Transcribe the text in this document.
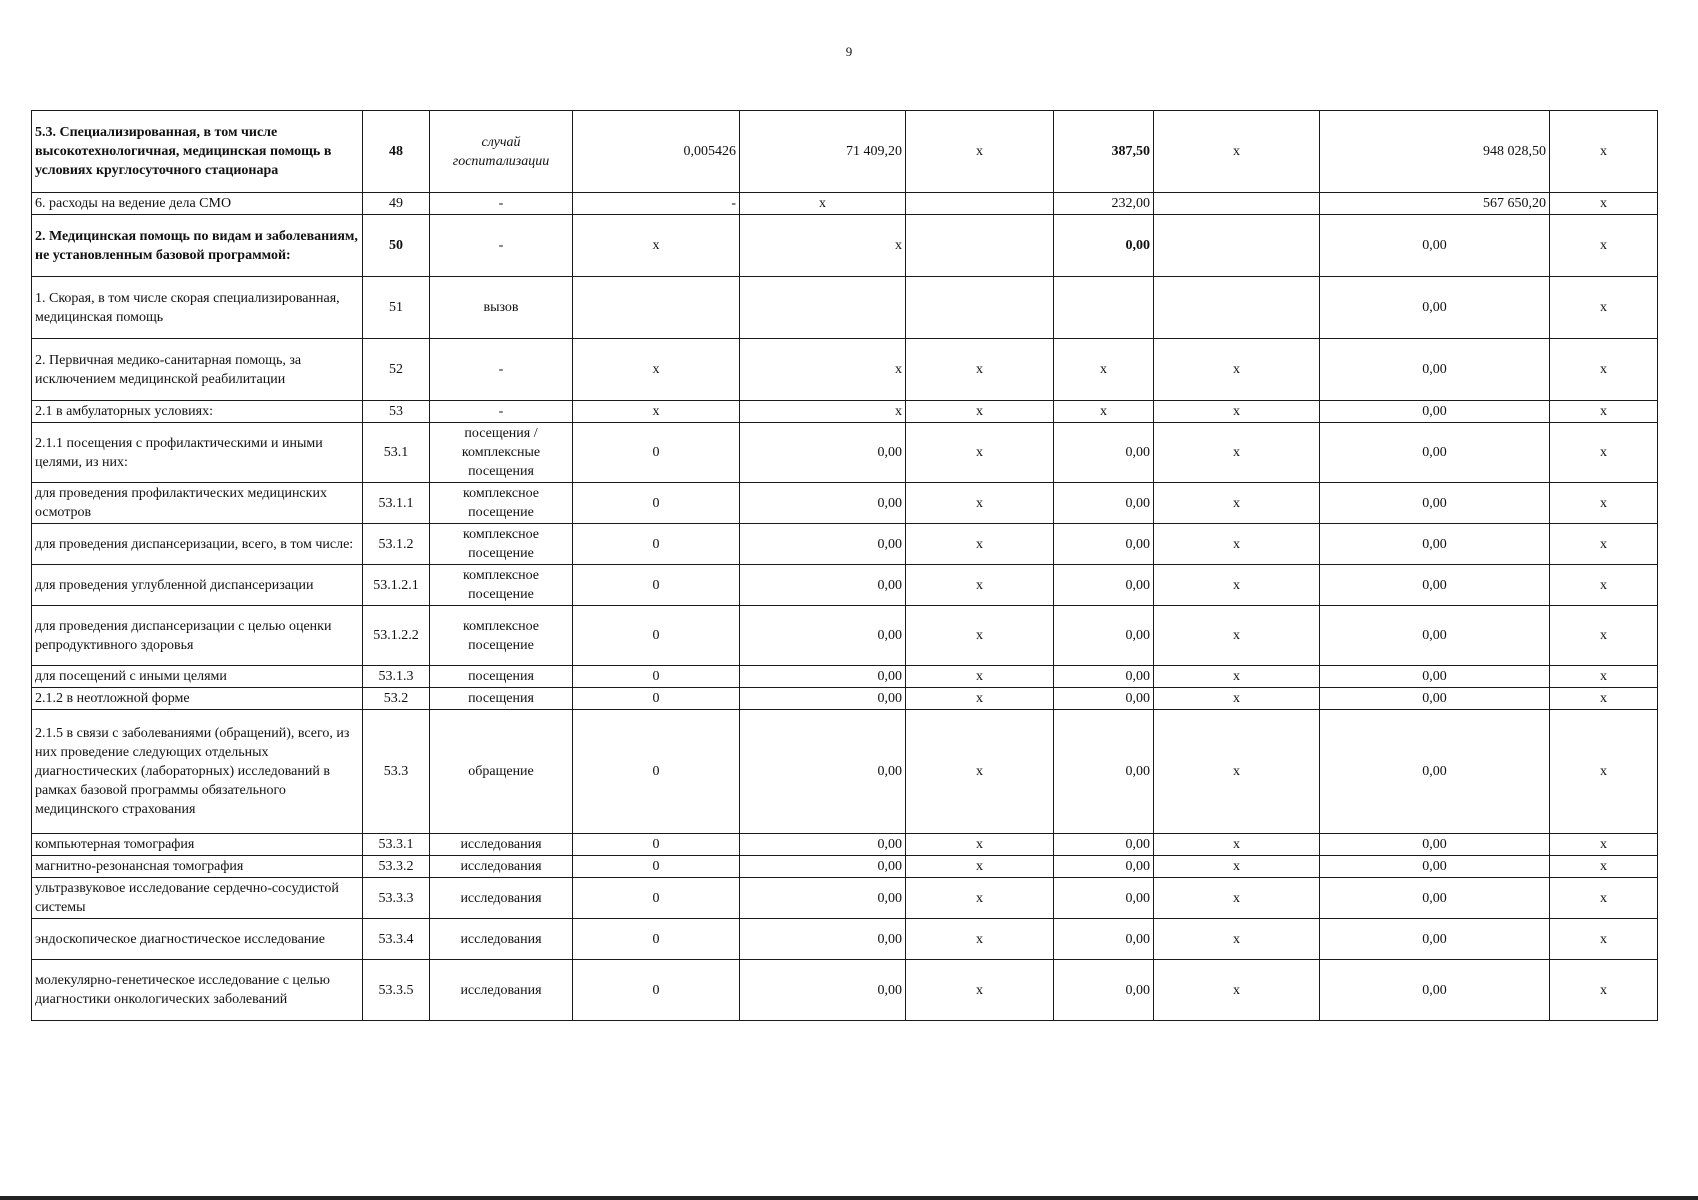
9
5.3. Специализированная, в том числе высокотехнологичная, медицинская помощь в условиях круглосуточного стационара	48	случай госпитализации	0,005426	71 409,20	х	387,50	х	948 028,50	х
6. расходы на ведение дела СМО	49	-	-	x		232,00		567 650,20	x
2. Медицинская помощь по видам и заболеваниям, не установленным базовой программой:	50	-	x	x		0,00		0,00	x
1. Скорая, в том числе скорая специализированная, медицинская помощь	51	вызов						0,00	x
2. Первичная медико-санитарная помощь, за исключением медицинской реабилитации	52	-	x	x	x	x	x	0,00	x
2.1 в амбулаторных условиях:	53	-	x	x	x	x	x	0,00	x
2.1.1 посещения с профилактическими и иными целями, из них:	53.1	посещения / комплексные посещения	0	0,00	x	0,00	x	0,00	x
для проведения профилактических медицинских осмотров	53.1.1	комплексное посещение	0	0,00	x	0,00	x	0,00	x
для проведения диспансеризации, всего, в том числе:	53.1.2	комплексное посещение	0	0,00	x	0,00	x	0,00	x
для проведения углубленной диспансеризации	53.1.2.1	комплексное посещение	0	0,00	x	0,00	x	0,00	x
для проведения диспансеризации с целью оценки репродуктивного здоровья	53.1.2.2	комплексное посещение	0	0,00	x	0,00	x	0,00	x
для посещений с иными целями	53.1.3	посещения	0	0,00	x	0,00	x	0,00	x
2.1.2 в неотложной форме	53.2	посещения	0	0,00	x	0,00	x	0,00	x
2.1.5 в связи с заболеваниями (обращений), всего, из них проведение следующих отдельных диагностических (лабораторных) исследований в рамках базовой программы обязательного медицинского страхования	53.3	обращение	0	0,00	x	0,00	x	0,00	x
компьютерная томография	53.3.1	исследования	0	0,00	x	0,00	x	0,00	x
магнитно-резонансная томография	53.3.2	исследования	0	0,00	x	0,00	x	0,00	x
ультразвуковое исследование сердечно-сосудистой системы	53.3.3	исследования	0	0,00	x	0,00	x	0,00	x
эндоскопическое диагностическое исследование	53.3.4	исследования	0	0,00	x	0,00	x	0,00	x
молекулярно-генетическое исследование с целью диагностики онкологических заболеваний	53.3.5	исследования	0	0,00	x	0,00	x	0,00	x
